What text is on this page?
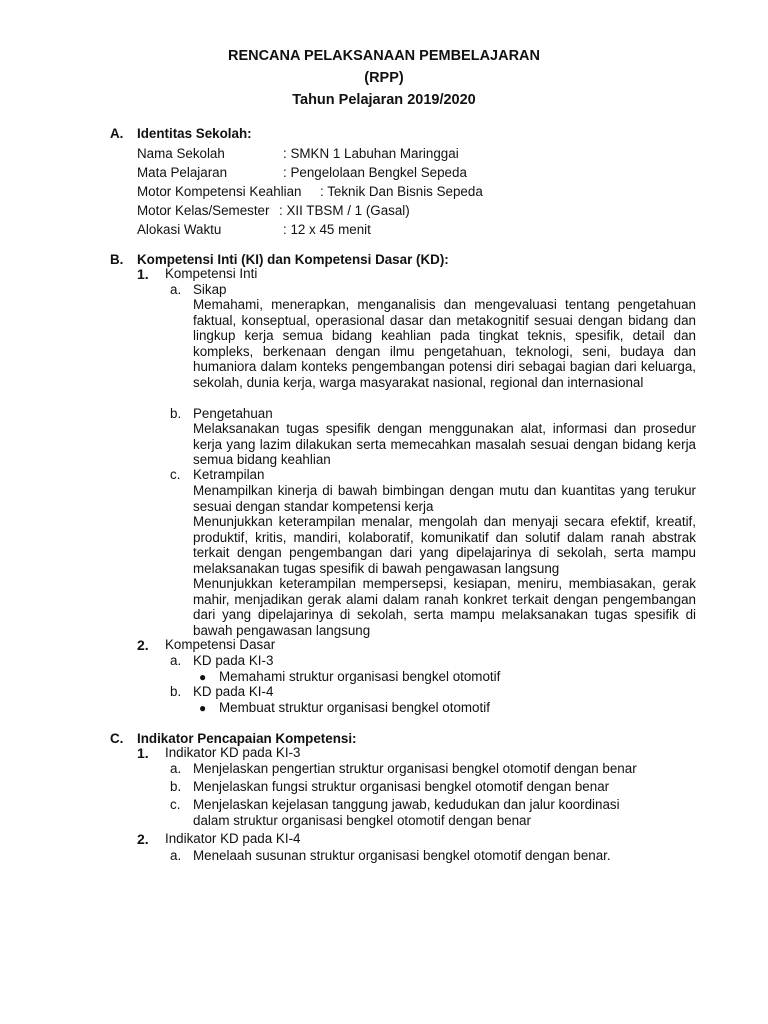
RENCANA PELAKSANAAN PEMBELAJARAN
(RPP)
Tahun Pelajaran 2019/2020
A. Identitas Sekolah:
Nama Sekolah	: SMKN 1 Labuhan Maringgai
Mata Pelajaran	: Pengelolaan Bengkel Sepeda
Motor Kompetensi Keahlian : Teknik Dan Bisnis Sepeda
Motor Kelas/Semester : XII TBSM / 1 (Gasal)
Alokasi Waktu	: 12 x 45 menit
B. Kompetensi Inti (KI) dan Kompetensi Dasar (KD):
1. Kompetensi Inti
a. Sikap
Memahami, menerapkan, menganalisis dan mengevaluasi tentang pengetahuan faktual, konseptual, operasional dasar dan metakognitif sesuai dengan bidang dan lingkup kerja semua bidang keahlian pada tingkat teknis, spesifik, detail dan kompleks, berkenaan dengan ilmu pengetahuan, teknologi, seni, budaya dan humaniora dalam konteks pengembangan potensi diri sebagai bagian dari keluarga, sekolah, dunia kerja, warga masyarakat nasional, regional dan internasional
b. Pengetahuan
Melaksanakan tugas spesifik dengan menggunakan alat, informasi dan prosedur kerja yang lazim dilakukan serta memecahkan masalah sesuai dengan bidang kerja semua bidang keahlian
c. Ketrampilan
Menampilkan kinerja di bawah bimbingan dengan mutu dan kuantitas yang terukur sesuai dengan standar kompetensi kerja
Menunjukkan keterampilan menalar, mengolah dan menyaji secara efektif, kreatif, produktif, kritis, mandiri, kolaboratif, komunikatif dan solutif dalam ranah abstrak terkait dengan pengembangan dari yang dipelajarinya di sekolah, serta mampu melaksanakan tugas spesifik di bawah pengawasan langsung
Menunjukkan keterampilan mempersepsi, kesiapan, meniru, membiasakan, gerak mahir, menjadikan gerak alami dalam ranah konkret terkait dengan pengembangan dari yang dipelajarinya di sekolah, serta mampu melaksanakan tugas spesifik di bawah pengawasan langsung
2. Kompetensi Dasar
a. KD pada KI-3
● Memahami struktur organisasi bengkel otomotif
b. KD pada KI-4
● Membuat struktur organisasi bengkel otomotif
C. Indikator Pencapaian Kompetensi:
1. Indikator KD pada KI-3
a. Menjelaskan pengertian struktur organisasi bengkel otomotif dengan benar
b. Menjelaskan fungsi struktur organisasi bengkel otomotif dengan benar
c. Menjelaskan kejelasan tanggung jawab, kedudukan dan jalur koordinasi
dalam struktur organisasi bengkel otomotif dengan benar
2. Indikator KD pada KI-4
a. Menelaah susunan struktur organisasi bengkel otomotif dengan benar.
